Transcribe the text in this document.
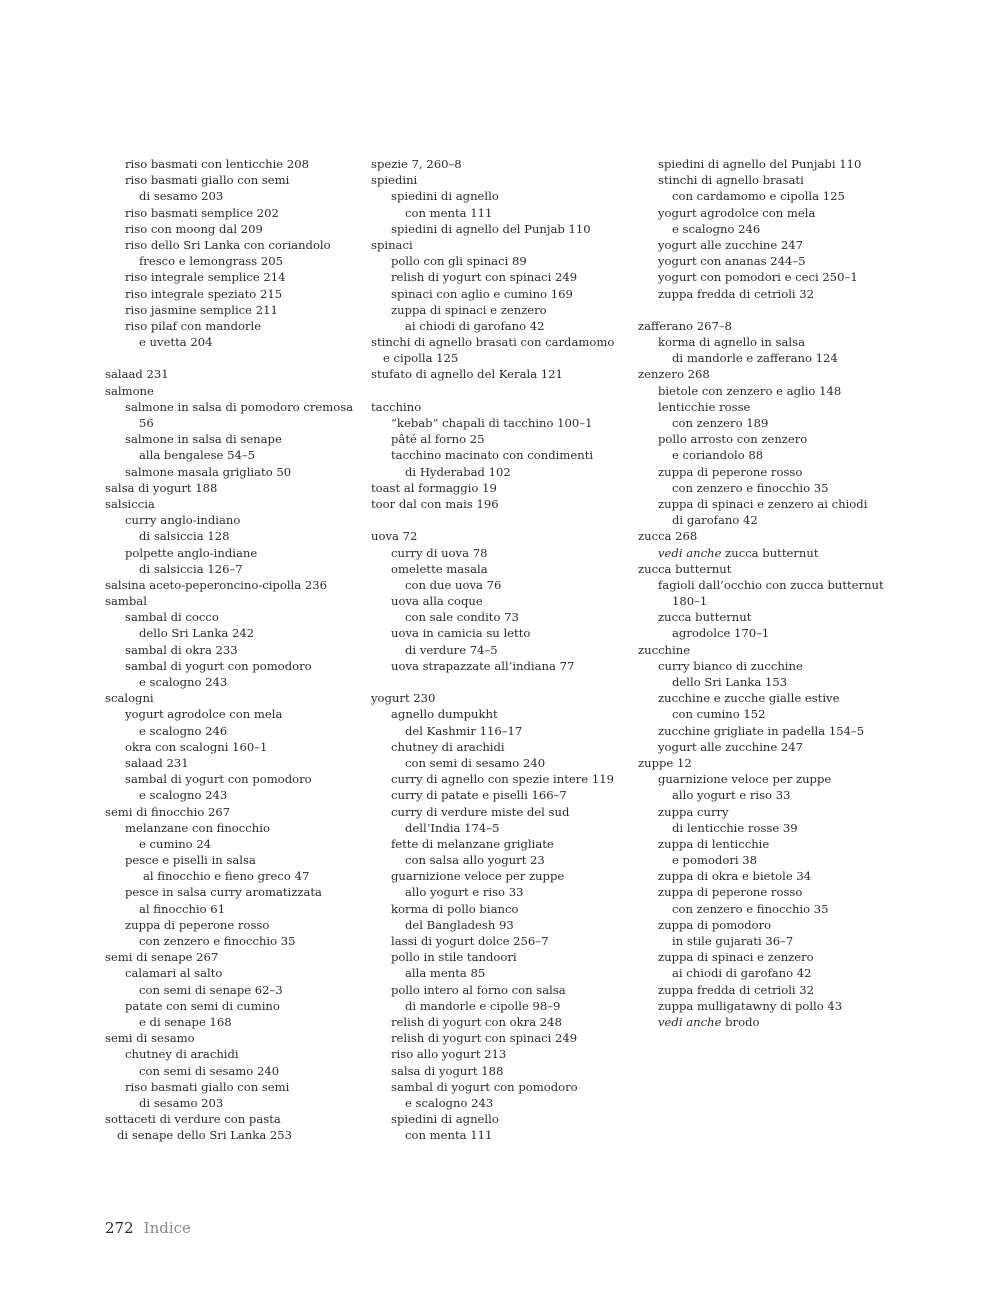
riso basmati con lenticchie 208
riso basmati giallo con semi
di sesamo 203
riso basmati semplice 202
riso con moong dal 209
riso dello Sri Lanka con coriandolo
fresco e lemongrass 205
riso integrale semplice 214
riso integrale speziato 215
riso jasmine semplice 211
riso pilaf con mandorle
e uvetta 204
salaad 231
salmone
salmone in salsa di pomodoro cremosa
56
salmone in salsa di senape
alla bengalese 54–5
salmone masala grigliato 50
salsa di yogurt 188
salsiccia
curry anglo-indiano
di salsiccia 128
polpette anglo-indiane
di salsiccia 126–7
salsina aceto-peperoncino-cipolla 236
sambal
sambal di cocco
dello Sri Lanka 242
sambal di okra 233
sambal di yogurt con pomodoro
e scalogno 243
scalogni
yogurt agrodolce con mela
e scalogno 246
okra con scalogni 160–1
salaad 231
sambal di yogurt con pomodoro
e scalogno 243
semi di finocchio 267
melanzane con finocchio
e cumino 24
pesce e piselli in salsa
al finocchio e fieno greco 47
pesce in salsa curry aromatizzata
al finocchio 61
zuppa di peperone rosso
con zenzero e finocchio 35
semi di senape 267
calamari al salto
con semi di senape 62–3
patate con semi di cumino
e di senape 168
semi di sesamo
chutney di arachidi
con semi di sesamo 240
riso basmati giallo con semi
di sesamo 203
sottaceti di verdure con pasta
di senape dello Sri Lanka 253
spezie 7, 260–8
spiedini
spiedini di agnello
con menta 111
spiedini di agnello del Punjab 110
spinaci
pollo con gli spinaci 89
relish di yogurt con spinaci 249
spinaci con aglio e cumino 169
zuppa di spinaci e zenzero
ai chiodi di garofano 42
stinchi di agnello brasati con cardamomo
e cipolla 125
stufato di agnello del Kerala 121
tacchino
“kebab” chapali di tacchino 100–1
pâté al forno 25
tacchino macinato con condimenti
di Hyderabad 102
toast al formaggio 19
toor dal con mais 196
uova 72
curry di uova 78
omelette masala
con due uova 76
uova alla coque
con sale condito 73
uova in camicia su letto
di verdure 74–5
uova strapazzate all’indiana 77
yogurt 230
agnello dumpukht
del Kashmir 116–17
chutney di arachidi
con semi di sesamo 240
curry di agnello con spezie intere 119
curry di patate e piselli 166–7
curry di verdure miste del sud
dell’India 174–5
fette di melanzane grigliate
con salsa allo yogurt 23
guarnizione veloce per zuppe
allo yogurt e riso 33
korma di pollo bianco
del Bangladesh 93
lassi di yogurt dolce 256–7
pollo in stile tandoori
alla menta 85
pollo intero al forno con salsa
di mandorle e cipolle 98–9
relish di yogurt con okra 248
relish di yogurt con spinaci 249
riso allo yogurt 213
salsa di yogurt 188
sambal di yogurt con pomodoro
e scalogno 243
spiedini di agnello
con menta 111
spiedini di agnello del Punjabi 110
stinchi di agnello brasati
con cardamomo e cipolla 125
yogurt agrodolce con mela
e scalogno 246
yogurt alle zucchine 247
yogurt con ananas 244–5
yogurt con pomodori e ceci 250–1
zuppa fredda di cetrioli 32
zafferano 267–8
korma di agnello in salsa
di mandorle e zafferano 124
zenzero 268
bietole con zenzero e aglio 148
lenticchie rosse
con zenzero 189
pollo arrosto con zenzero
e coriandolo 88
zuppa di peperone rosso
con zenzero e finocchio 35
zuppa di spinaci e zenzero ai chiodi
di garofano 42
zucca 268
vedi anche zucca butternut
zucca butternut
fagioli dall’occhio con zucca butternut
180–1
zucca butternut
agrodolce 170–1
zucchine
curry bianco di zucchine
dello Sri Lanka 153
zucchine e zucche gialle estive
con cumino 152
zucchine grigliate in padella 154–5
yogurt alle zucchine 247
zuppe 12
guarnizione veloce per zuppe
allo yogurt e riso 33
zuppa curry
di lenticchie rosse 39
zuppa di lenticchie
e pomodori 38
zuppa di okra e bietole 34
zuppa di peperone rosso
con zenzero e finocchio 35
zuppa di pomodoro
in stile gujarati 36–7
zuppa di spinaci e zenzero
ai chiodi di garofano 42
zuppa fredda di cetrioli 32
zuppa mulligatawny di pollo 43
vedi anche brodo
272 Indice
